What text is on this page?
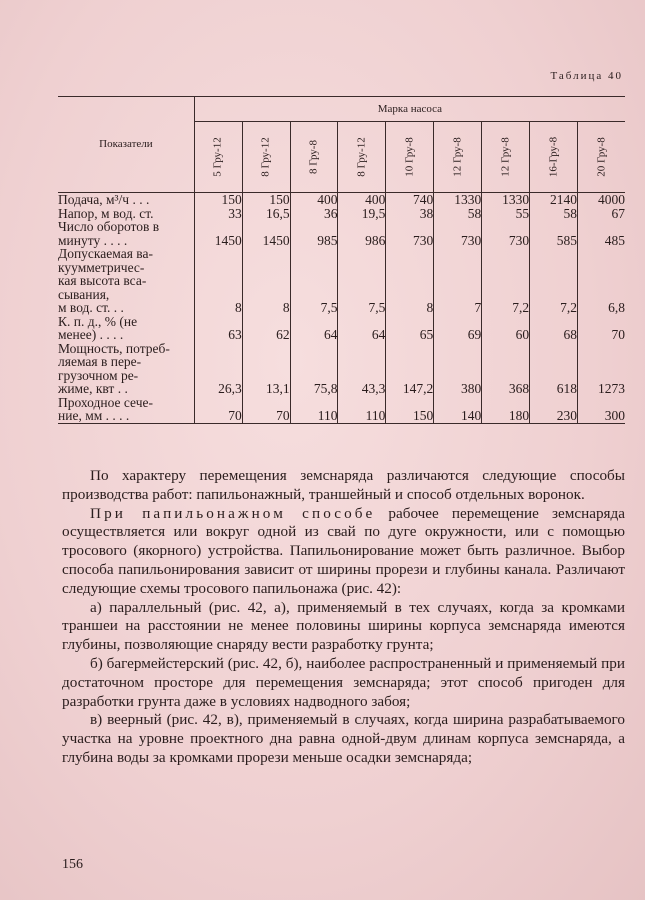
Таблица 40
Показатели	Марка насоса								

	5 Гру-12	8 Гру-12	8 Гру-8	8 Гру-12	10 Гру-8	12 Гру-8	12 Гру-8	16-Гру-8	20 Гру-8

Подача, м³/ч . . .	150	150	400	400	740	1330	1330	2140	4000
Напор, м вод. ст.	33	16,5	36	19,5	38	58	55	58	67
Число оборотов в
минуту . . . .	1450	1450	985	986	730	730	730	585	485
Допускаемая ва-
куумметричес-
кая высота вса-
сывания,
м вод. ст. . .	8	8	7,5	7,5	8	7	7,2	7,2	6,8
К. п. д., % (не
менее) . . . .	63	62	64	64	65	69	60	68	70
Мощность, потреб-
ляемая в пере-
грузочном ре-
жиме, квт . .	26,3	13,1	75,8	43,3	147,2	380	368	618	1273
Проходное сече-
ние, мм . . . .	70	70	110	110	150	140	180	230	300

По характеру перемещения земснаряда различаются следующие способы производства работ: папильонажный, траншейный и способ отдельных воронок.

При папильонажном способе рабочее перемещение земснаряда осуществляется или вокруг одной из свай по дуге окружности, или с помощью тросового (якорного) устройства. Папильонирование может быть различное. Выбор способа папильонирования зависит от ширины прорези и глубины канала. Различают следующие схемы тросового папильонажа (рис. 42):

а) параллельный (рис. 42, а), применяемый в тех случаях, когда за кромками траншеи на расстоянии не менее половины ширины корпуса земснаряда имеются глубины, позволяющие снаряду вести разработку грунта;

б) багермейстерский (рис. 42, б), наиболее распространенный и применяемый при достаточном просторе для перемещения земснаряда; этот способ пригоден для разработки грунта даже в условиях надводного забоя;

в) веерный (рис. 42, в), применяемый в случаях, когда ширина разрабатываемого участка на уровне проектного дна равна одной-двум длинам корпуса земснаряда, а глубина воды за кромками прорези меньше осадки земснаряда;

156
